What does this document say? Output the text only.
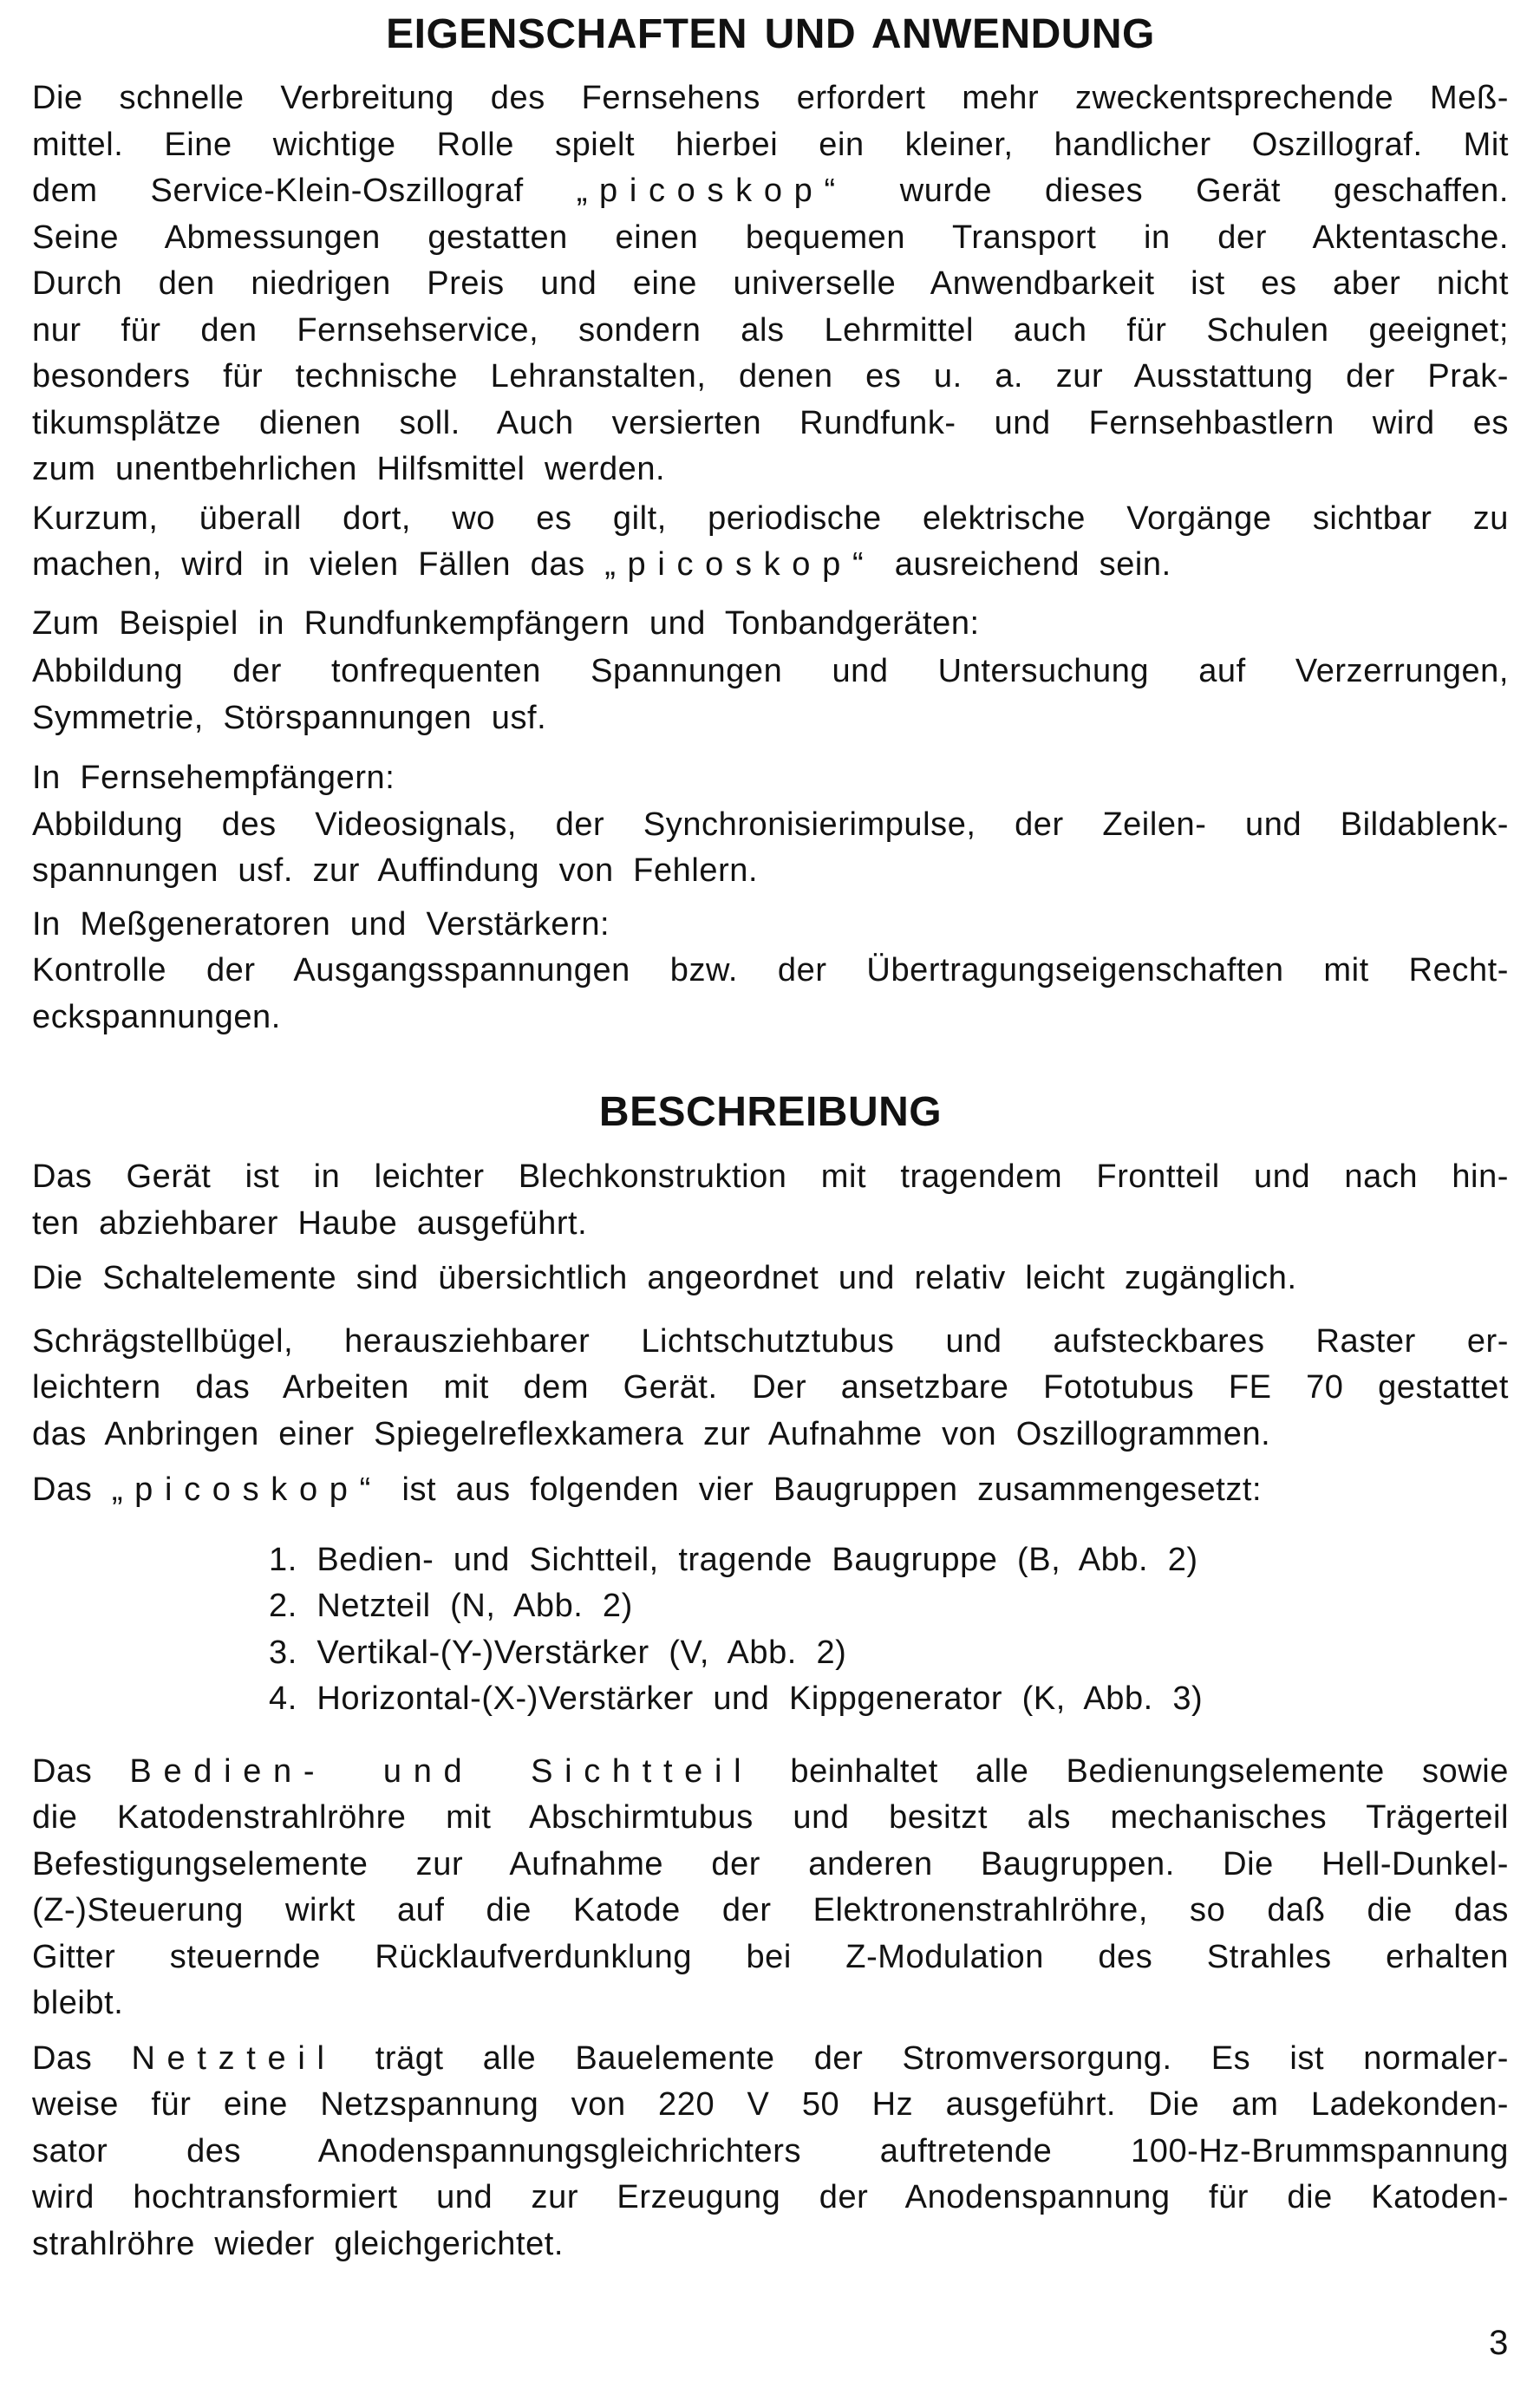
EIGENSCHAFTEN UND ANWENDUNG
Die schnelle Verbreitung des Fernsehens erfordert mehr zweckentsprechende Meß-
mittel. Eine wichtige Rolle spielt hierbei ein kleiner, handlicher Oszillograf. Mit
dem Service-Klein-Oszillograf „picoskop“ wurde dieses Gerät geschaffen.
Seine Abmessungen gestatten einen bequemen Transport in der Aktentasche.
Durch den niedrigen Preis und eine universelle Anwendbarkeit ist es aber nicht
nur für den Fernsehservice, sondern als Lehrmittel auch für Schulen geeignet;
besonders für technische Lehranstalten, denen es u. a. zur Ausstattung der Prak-
tikumsplätze dienen soll. Auch versierten Rundfunk- und Fernsehbastlern wird es
zum unentbehrlichen Hilfsmittel werden.
Kurzum, überall dort, wo es gilt, periodische elektrische Vorgänge sichtbar zu
machen, wird in vielen Fällen das „picoskop“ ausreichend sein.
Zum Beispiel in Rundfunkempfängern und Tonbandgeräten:
Abbildung der tonfrequenten Spannungen und Untersuchung auf Verzerrungen,
Symmetrie, Störspannungen usf.
In Fernsehempfängern:
Abbildung des Videosignals, der Synchronisierimpulse, der Zeilen- und Bildablenk-
spannungen usf. zur Auffindung von Fehlern.
In Meßgeneratoren und Verstärkern:
Kontrolle der Ausgangsspannungen bzw. der Übertragungseigenschaften mit Recht-
eckspannungen.
BESCHREIBUNG
Das Gerät ist in leichter Blechkonstruktion mit tragendem Frontteil und nach hin-
ten abziehbarer Haube ausgeführt.
Die Schaltelemente sind übersichtlich angeordnet und relativ leicht zugänglich.
Schrägstellbügel, herausziehbarer Lichtschutztubus und aufsteckbares Raster er-
leichtern das Arbeiten mit dem Gerät. Der ansetzbare Fototubus FE 70 gestattet
das Anbringen einer Spiegelreflexkamera zur Aufnahme von Oszillogrammen.
Das „picoskop“ ist aus folgenden vier Baugruppen zusammengesetzt:
1. Bedien- und Sichtteil, tragende Baugruppe (B, Abb. 2)
2. Netzteil (N, Abb. 2)
3. Vertikal-(Y-)Verstärker (V, Abb. 2)
4. Horizontal-(X-)Verstärker und Kippgenerator (K, Abb. 3)
Das Bedien- und Sichtteil beinhaltet alle Bedienungselemente sowie
die Katodenstrahlröhre mit Abschirmtubus und besitzt als mechanisches Trägerteil
Befestigungselemente zur Aufnahme der anderen Baugruppen. Die Hell-Dunkel-
(Z-)Steuerung wirkt auf die Katode der Elektronenstrahlröhre, so daß die das
Gitter steuernde Rücklaufverdunklung bei Z-Modulation des Strahles erhalten
bleibt.
Das Netzteil trägt alle Bauelemente der Stromversorgung. Es ist normaler-
weise für eine Netzspannung von 220 V 50 Hz ausgeführt. Die am Ladekonden-
sator des Anodenspannungsgleichrichters auftretende 100-Hz-Brummspannung
wird hochtransformiert und zur Erzeugung der Anodenspannung für die Katoden-
strahlröhre wieder gleichgerichtet.
3
